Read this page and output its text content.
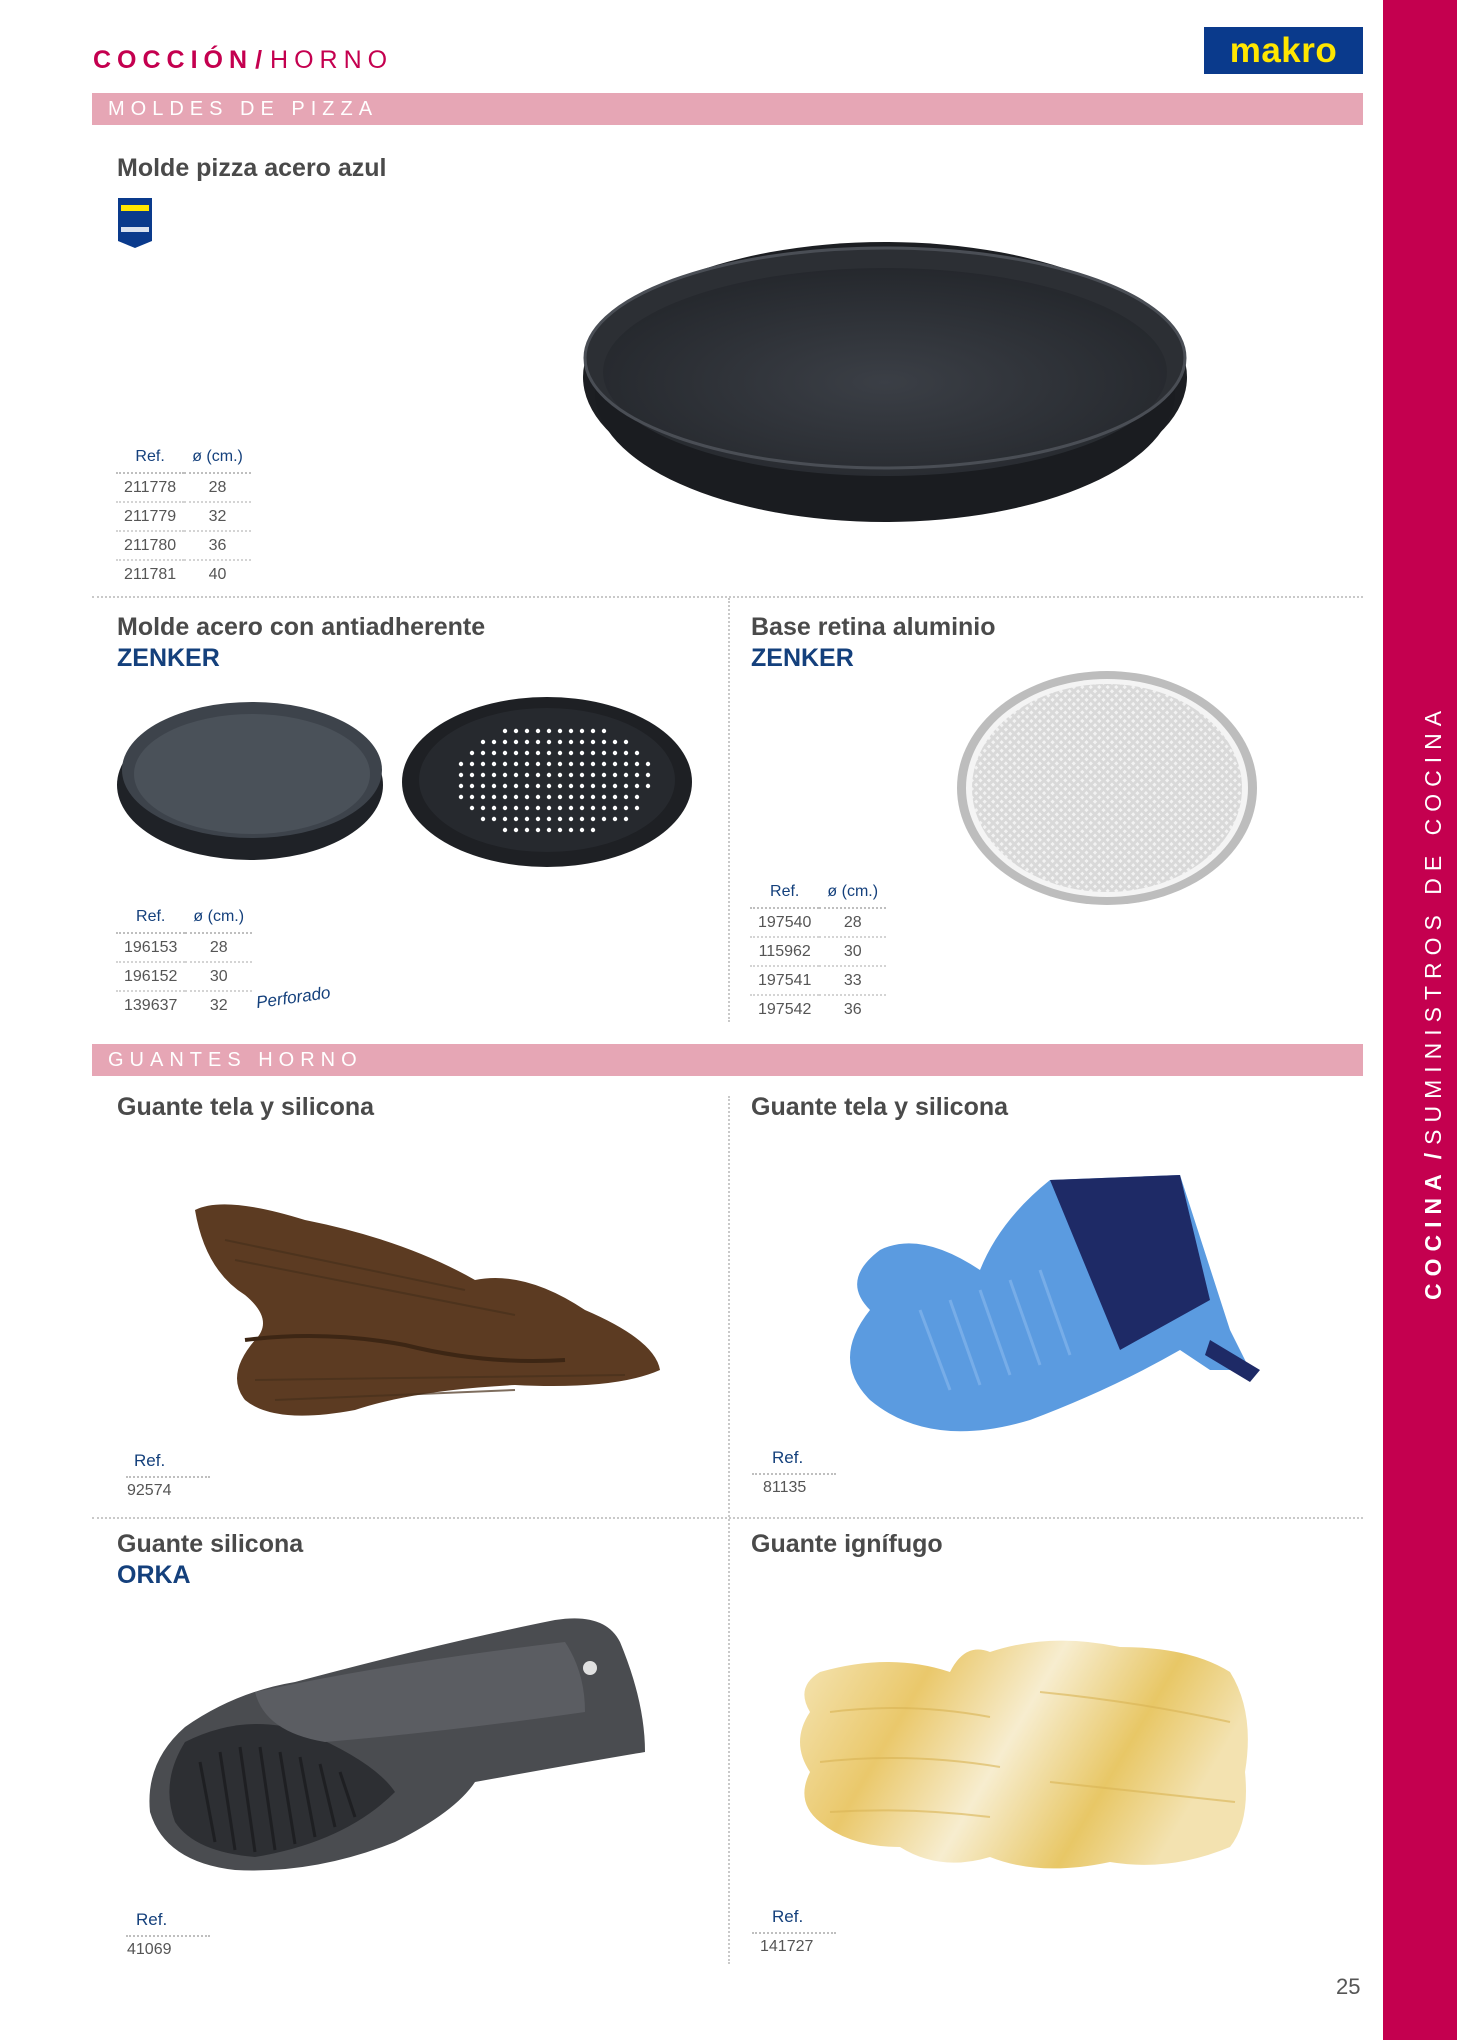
COCCIÓN/ HORNO	makro
COCINA/SUMINISTROS DE COCINA
MOLDES DE PIZZA
Molde pizza acero azul
Ref.	ø (cm.)
211778	28
211779	32
211780	36
211781	40
Molde acero con antiadherente
ZENKER
Ref.	ø (cm.)
196153	28
196152	30
139637	32 Perforado
Base retina aluminio
ZENKER
Ref.	ø (cm.)
197540	28
115962	30
197541	33
197542	36
GUANTES HORNO
Guante tela y silicona
Ref.
92574
Guante tela y silicona
Ref.
81135
Guante silicona
ORKA
Ref.
41069
Guante ignífugo
Ref.
141727
25
